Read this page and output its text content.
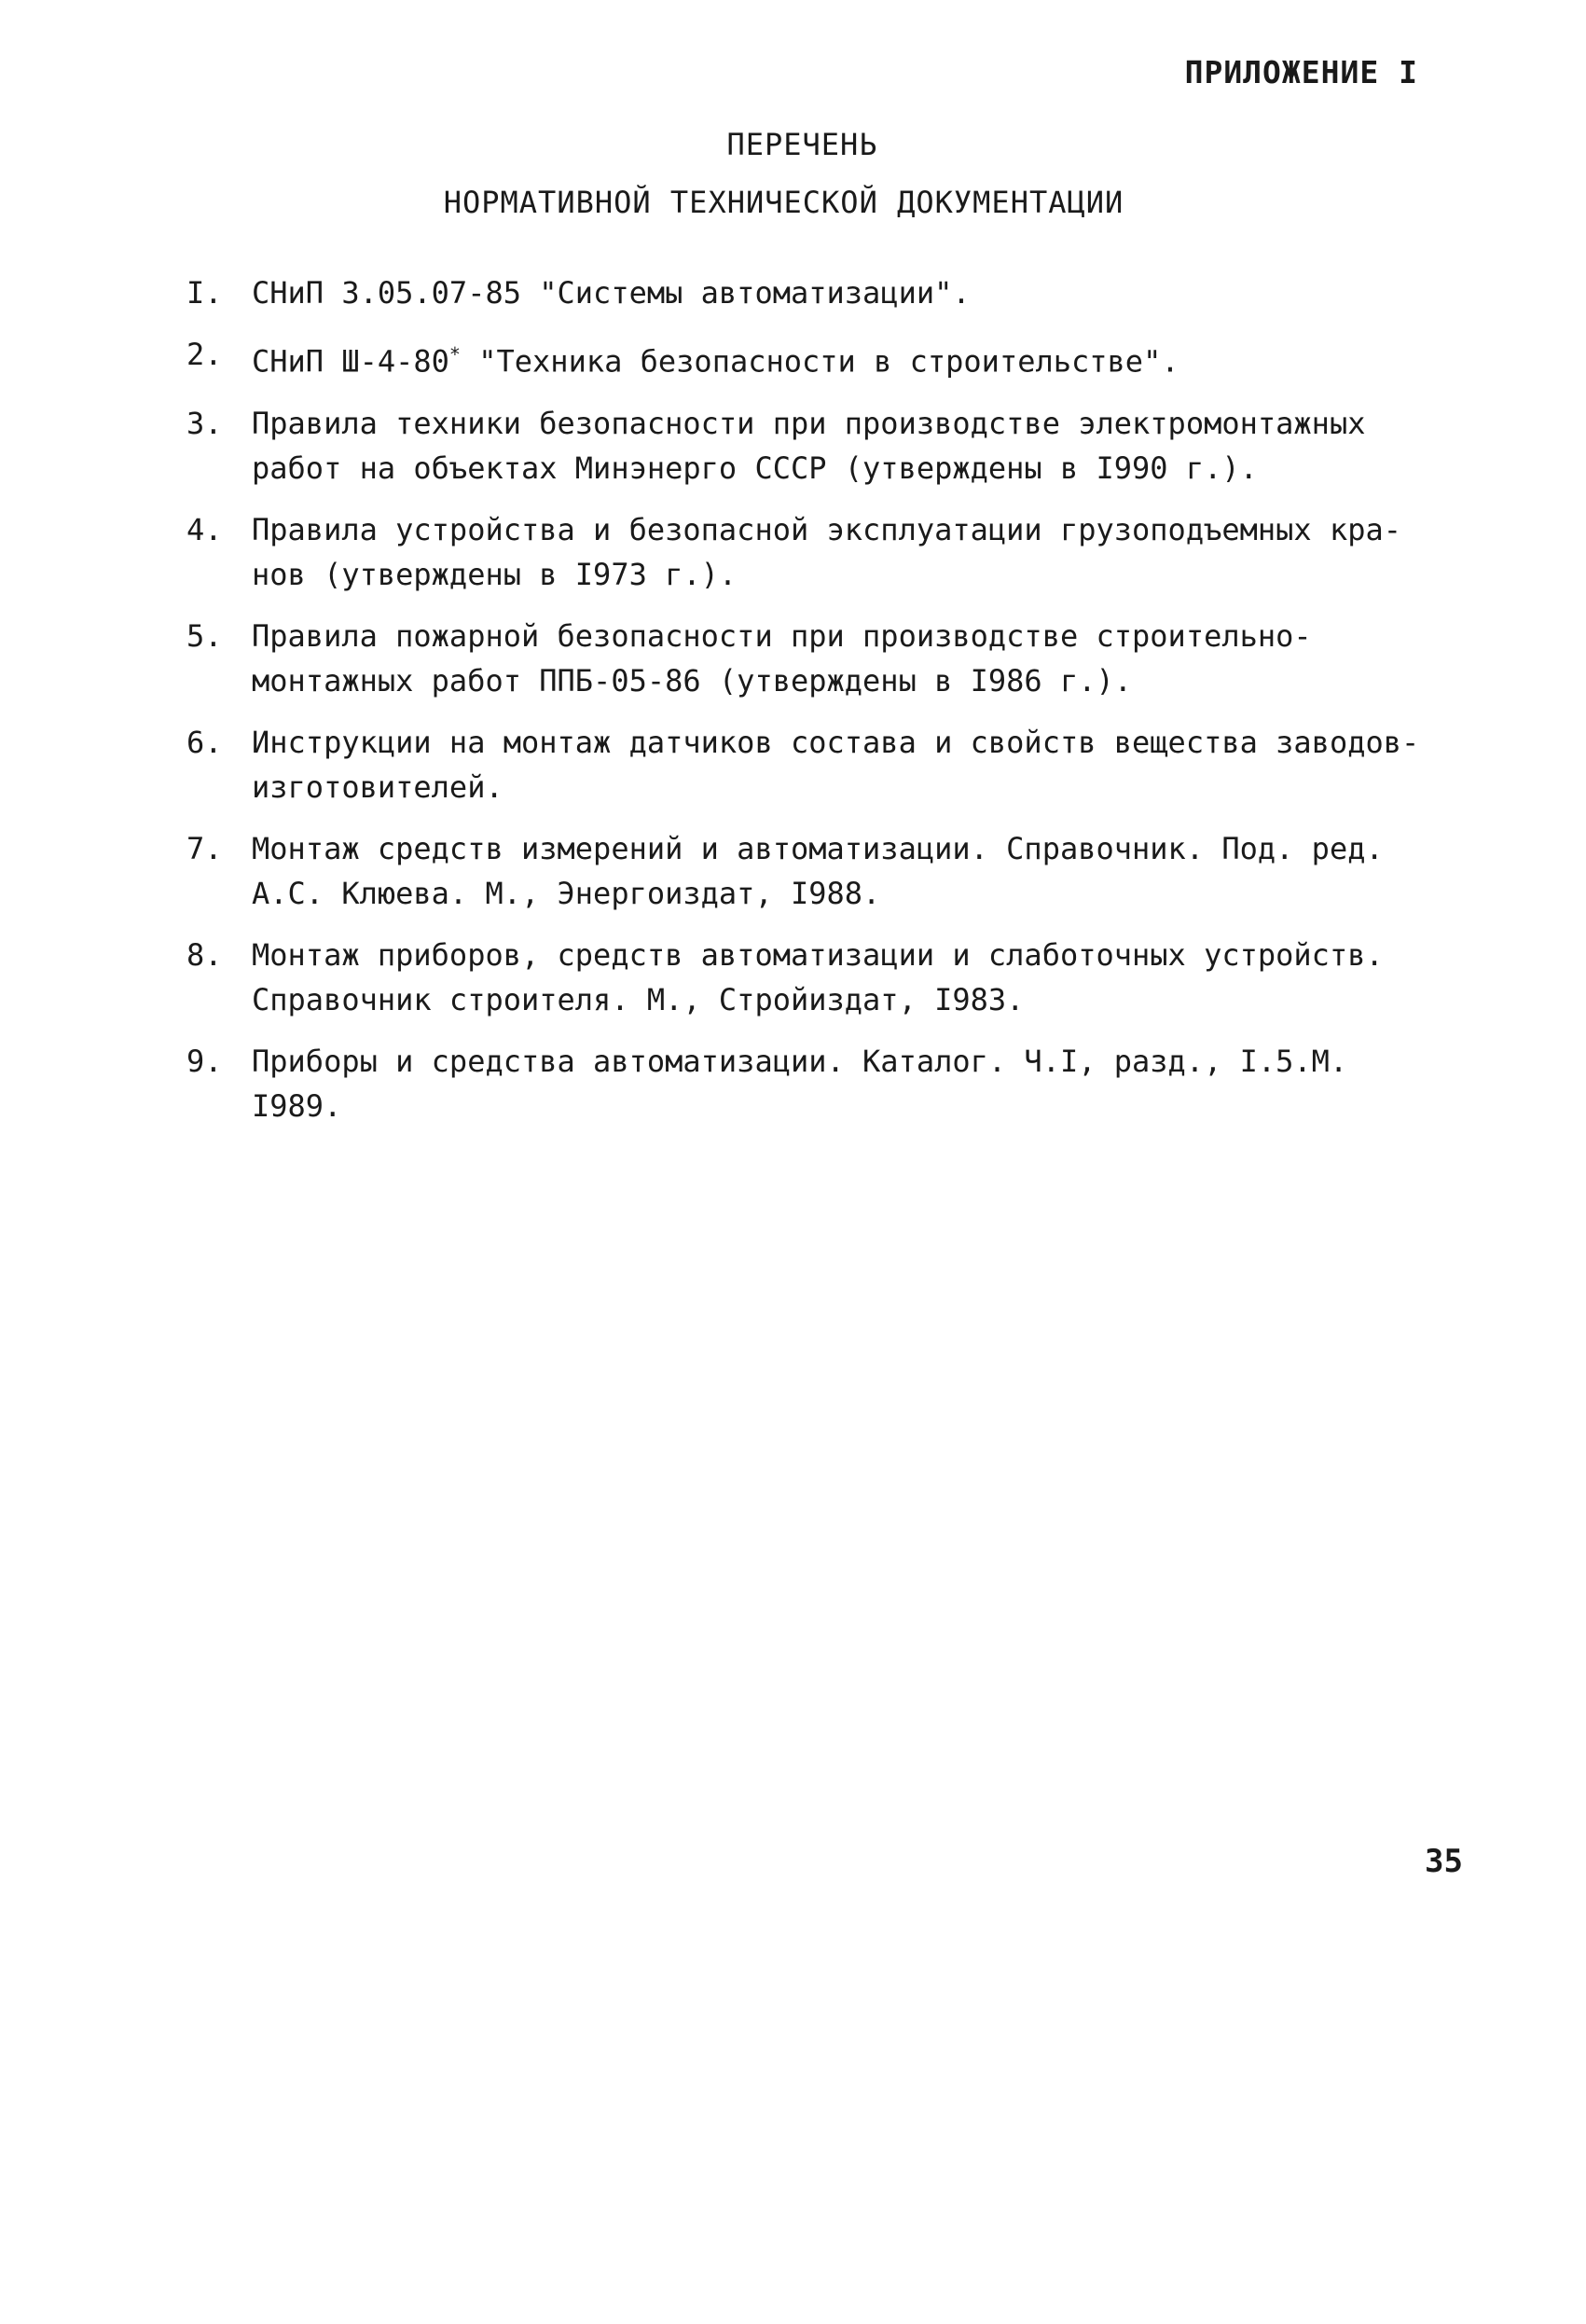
ПРИЛОЖЕНИЕ I
ПЕРЕЧЕНЬ
НОРМАТИВНОЙ ТЕХНИЧЕСКОЙ ДОКУМЕНТАЦИИ
I. СНиП 3.05.07-85 "Системы автоматизации".
2. СНиП Ш-4-80* "Техника безопасности в строительстве".
3. Правила техники безопасности при производстве электромонтажных
работ на объектах Минэнерго СССР (утверждены в I990 г.).
4. Правила устройства и безопасной эксплуатации грузоподъемных кра-
нов (утверждены в I973 г.).
5. Правила пожарной безопасности при производстве строительно-
монтажных работ ППБ-05-86 (утверждены в I986 г.).
6. Инструкции на монтаж датчиков состава и свойств вещества заводов-
изготовителей.
7. Монтаж средств измерений и автоматизации. Справочник. Под. ред.
А.С. Клюева. М., Энергоиздат, I988.
8. Монтаж приборов, средств автоматизации и слаботочных устройств.
Справочник строителя. М., Стройиздат, I983.
9. Приборы и средства автоматизации. Каталог. Ч.I, разд., I.5.М.
I989.
35
